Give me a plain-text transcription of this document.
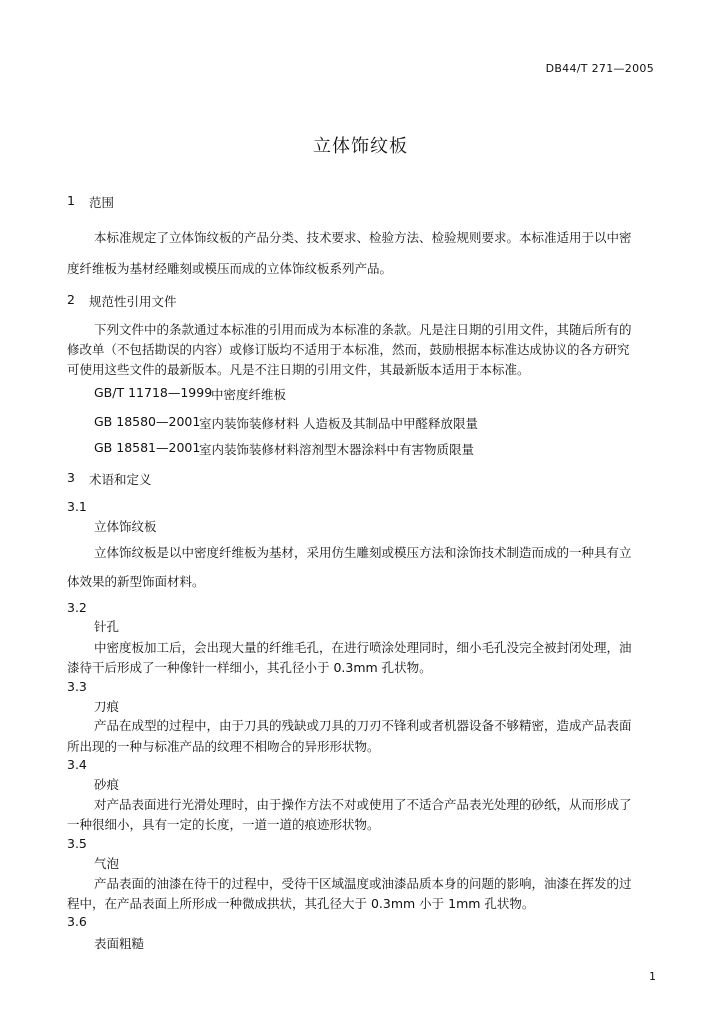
DB44/T 271—2005
立体饰纹板
1 范围
本标准规定了立体饰纹板的产品分类、技术要求、检验方法、检验规则要求。本标准适用于以中密
度纤维板为基材经雕刻或模压而成的立体饰纹板系列产品。
2 规范性引用文件
下列文件中的条款通过本标准的引用而成为本标准的条款。凡是注日期的引用文件，其随后所有的
修改单（不包括勘误的内容）或修订版均不适用于本标准，然而，鼓励根据本标准达成协议的各方研究
可使用这些文件的最新版本。凡是不注日期的引用文件，其最新版本适用于本标准。
GB/T 11718—1999
中密度纤维板
GB 18580—2001
室内装饰装修材料 人造板及其制品中甲醛释放限量
GB 18581—2001
室内装饰装修材料溶剂型木器涂料中有害物质限量
3 术语和定义
3.1
立体饰纹板
立体饰纹板是以中密度纤维板为基材，采用仿生雕刻或模压方法和涂饰技术制造而成的一种具有立
体效果的新型饰面材料。
3.2
针孔
中密度板加工后，会出现大量的纤维毛孔，在进行喷涂处理同时，细小毛孔没完全被封闭处理，油
漆待干后形成了一种像针一样细小，其孔径小于 0.3mm 孔状物。
3.3
刀痕
产品在成型的过程中，由于刀具的残缺或刀具的刀刃不锋利或者机器设备不够精密，造成产品表面
所出现的一种与标准产品的纹理不相吻合的异形形状物。
3.4
砂痕
对产品表面进行光滑处理时，由于操作方法不对或使用了不适合产品表光处理的砂纸，从而形成了
一种很细小，具有一定的长度，一道一道的痕迹形状物。
3.5
气泡
产品表面的油漆在待干的过程中，受待干区域温度或油漆品质本身的问题的影响，油漆在挥发的过
程中，在产品表面上所形成一种微成拱状，其孔径大于 0.3mm 小于 1mm 孔状物。
3.6
表面粗糙
1
